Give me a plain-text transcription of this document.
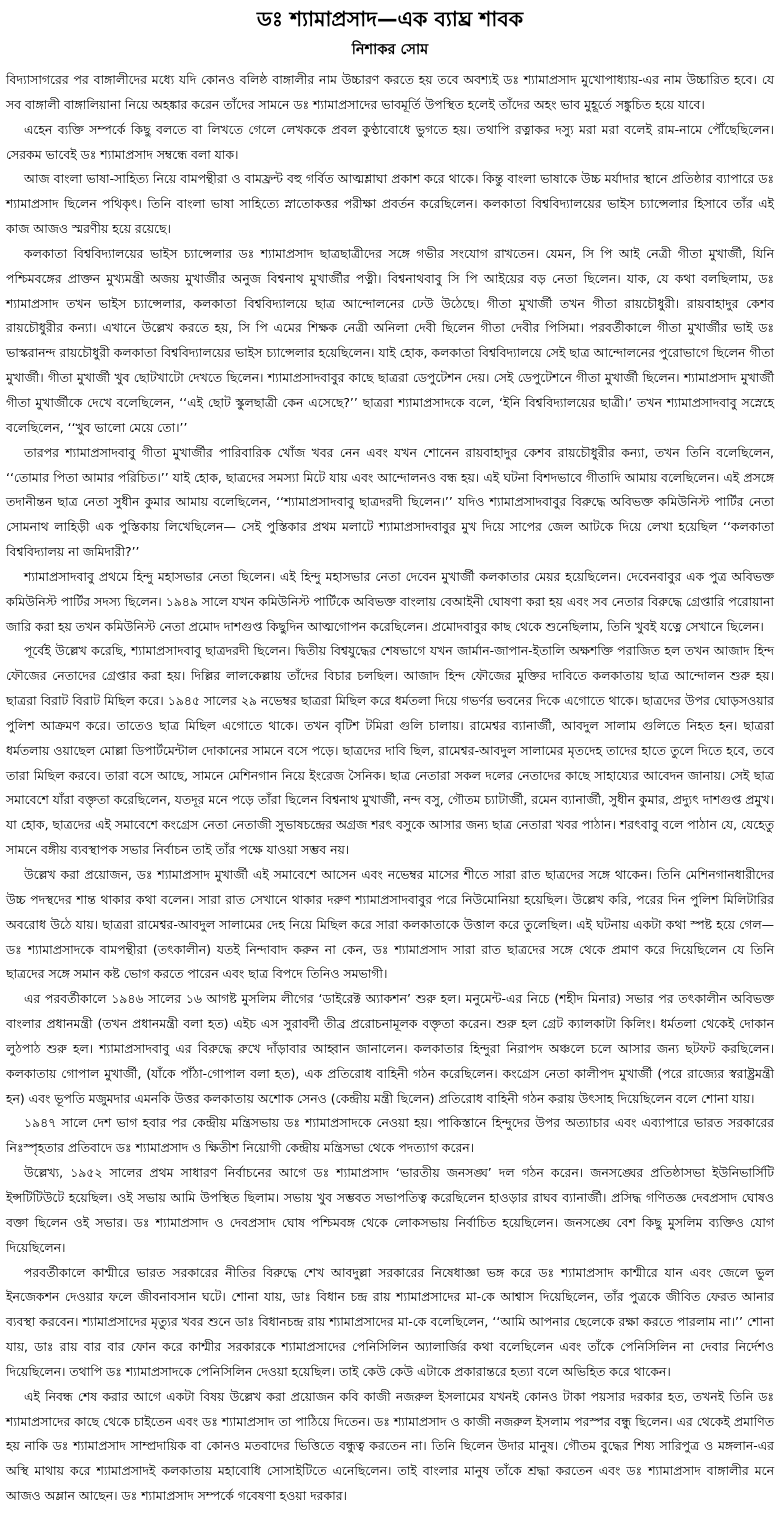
ডঃ শ্যামাপ্রসাদ—এক ব্যাঘ্র শাবক
নিশাকর সোম

বিদ্যাসাগরের পর বাঙ্গালীদের মধ্যে যদি কোনও বলিষ্ঠ বাঙ্গালীর নাম উচ্চারণ করতে হয় তবে অবশ্যই ডঃ শ্যামাপ্রসাদ মুখোপাধ্যায়-এর নাম উচ্চারিত হবে। যে সব বাঙ্গালী বাঙ্গালিয়ানা নিয়ে অহঙ্কার করেন তাঁদের সামনে ডঃ শ্যামাপ্রসাদের ভাবমূর্তি উপস্থিত হলেই তাঁদের অহং ভাব মুহূর্তে সঙ্কুচিত হয়ে যাবে।

এহেন ব্যক্তি সম্পর্কে কিছু বলতে বা লিখতে গেলে লেখককে প্রবল কুণ্ঠাবোধে ভুগতে হয়। তথাপি রত্নাকর দস্যু মরা মরা বলেই রাম-নামে পৌঁছেছিলেন। সেরকম ভাবেই ডঃ শ্যামাপ্রসাদ সম্বন্ধে বলা যাক।

আজ বাংলা ভাষা-সাহিত্য নিয়ে বামপন্থীরা ও বামফ্রন্ট বহু গর্বিত আত্মশ্লাঘা প্রকাশ করে থাকে। কিন্তু বাংলা ভাষাকে উচ্চ মর্যাদার স্থানে প্রতিষ্ঠার ব্যাপারে ডঃ শ্যামাপ্রসাদ ছিলেন পথিকৃৎ। তিনি বাংলা ভাষা সাহিত্যে স্নাতোকত্তর পরীক্ষা প্রবর্তন করেছিলেন। কলকাতা বিশ্ববিদ্যালয়ের ভাইস চ্যান্সেলার হিসাবে তাঁর এই কাজ আজও স্মরণীয় হয়ে রয়েছে।

কলকাতা বিশ্ববিদ্যালয়ের ভাইস চ্যান্সেলার ডঃ শ্যামাপ্রসাদ ছাত্রছাত্রীদের সঙ্গে গভীর সংযোগ রাখতেন। যেমন, সি পি আই নেত্রী গীতা মুখার্জী, যিনি পশ্চিমবঙ্গের প্রাক্তন মুখ্যমন্ত্রী অজয় মুখার্জীর অনুজ বিশ্বনাথ মুখার্জীর পত্নী। বিশ্বনাথবাবু সি পি আইয়ের বড় নেতা ছিলেন। যাক, যে কথা বলছিলাম, ডঃ শ্যামাপ্রসাদ তখন ভাইস চ্যান্সেলার, কলকাতা বিশ্ববিদ্যালয়ে ছাত্র আন্দোলনের ঢেউ উঠেছে। গীতা মুখার্জী তখন গীতা রায়চৌধুরী। রায়বাহাদুর কেশব রায়চৌধুরীর কন্যা। এখানে উল্লেখ করতে হয়, সি পি এমের শিক্ষক নেত্রী অনিলা দেবী ছিলেন গীতা দেবীর পিসিমা। পরবর্তীকালে গীতা মুখার্জীর ভাই ডঃ ভাস্করানন্দ রায়চৌধুরী কলকাতা বিশ্ববিদ্যালয়ের ভাইস চ্যান্সেলার হয়েছিলেন। যাই হোক, কলকাতা বিশ্ববিদ্যালয়ে সেই ছাত্র আন্দোলনের পুরোভাগে ছিলেন গীতা মুখার্জী। গীতা মুখার্জী খুব ছোটখাটো দেখতে ছিলেন। শ্যামাপ্রসাদবাবুর কাছে ছাত্ররা ডেপুটেশন দেয়। সেই ডেপুটেশনে গীতা মুখার্জী ছিলেন। শ্যামাপ্রসাদ মুখার্জী গীতা মুখার্জীকে দেখে বলেছিলেন, ‘‘এই ছোট স্কুলছাত্রী কেন এসেছে?’’ ছাত্ররা শ্যামাপ্রসাদকে বলে, ‘ইনি বিশ্ববিদ্যালয়ের ছাত্রী।’ তখন শ্যামাপ্রসাদবাবু সস্নেহে বলেছিলেন, ‘‘খুব ভালো মেয়ে তো।’’

তারপর শ্যামাপ্রসাদবাবু গীতা মুখার্জীর পারিবারিক খোঁজ খবর নেন এবং যখন শোনেন রায়বাহাদুর কেশব রায়চৌধুরীর কন্যা, তখন তিনি বলেছিলেন, ‘‘তোমার পিতা আমার পরিচিত।’’ যাই হোক, ছাত্রদের সমস্যা মিটে যায় এবং আন্দোলনও বন্ধ হয়। এই ঘটনা বিশদভাবে গীতাদি আমায় বলেছিলেন। এই প্রসঙ্গে তদানীন্তন ছাত্র নেতা সুধীন কুমার আমায় বলেছিলেন, ‘‘শ্যামাপ্রসাদবাবু ছাত্রদরদী ছিলেন।’’ যদিও শ্যামাপ্রসাদবাবুর বিরুদ্ধে অবিভক্ত কমিউনিস্ট পার্টির নেতা সোমনাথ লাহিড়ী এক পুস্তিকায় লিখেছিলেন— সেই পুস্তিকার প্রথম মলাটে শ্যামাপ্রসাদবাবুর মুখ দিয়ে সাপের জেল আটকে দিয়ে লেখা হয়েছিল ‘‘কলকাতা বিশ্ববিদ্যালয় না জমিদারী?’’

শ্যামাপ্রসাদবাবু প্রথমে হিন্দু মহাসভার নেতা ছিলেন। এই হিন্দু মহাসভার নেতা দেবেন মুখার্জী কলকাতার মেয়র হয়েছিলেন। দেবেনবাবুর এক পুত্র অবিভক্ত কমিউনিস্ট পার্টির সদস্য ছিলেন। ১৯৪৯ সালে যখন কমিউনিস্ট পার্টিকে অবিভক্ত বাংলায় বেআইনী ঘোষণা করা হয় এবং সব নেতার বিরুদ্ধে গ্রেপ্তারি পরোয়ানা জারি করা হয় তখন কমিউনিস্ট নেতা প্রমোদ দাশগুপ্ত কিছুদিন আত্মগোপন করেছিলেন। প্রমোদবাবুর কাছ থেকে শুনেছিলাম, তিনি খুবই যত্নে সেখানে ছিলেন।

পূর্বেই উল্লেখ করেছি, শ্যামাপ্রসাদবাবু ছাত্রদরদী ছিলেন। দ্বিতীয় বিশ্বযুদ্ধের শেষভাগে যখন জার্মান-জাপান-ইতালি অক্ষশক্তি পরাজিত হল তখন আজাদ হিন্দ ফৌজের নেতাদের গ্রেপ্তার করা হয়। দিল্লির লালকেল্লায় তাঁদের বিচার চলছিল। আজাদ হিন্দ ফৌজের মুক্তির দাবিতে কলকাতায় ছাত্র আন্দোলন শুরু হয়। ছাত্ররা বিরাট বিরাট মিছিল করে। ১৯৪৫ সালের ২৯ নভেম্বর ছাত্ররা মিছিল করে ধর্মতলা দিয়ে গভর্ণর ভবনের দিকে এগোতে থাকে। ছাত্রদের উপর ঘোড়সওয়ার পুলিশ আক্রমণ করে। তাতেও ছাত্র মিছিল এগোতে থাকে। তখন বৃটিশ টমিরা গুলি চালায়। রামেশ্বর ব্যানার্জী, আবদুল সালাম গুলিতে নিহত হন। ছাত্ররা ধর্মতলায় ওয়াছেল মোল্লা ডিপার্টমেন্টাল দোকানের সামনে বসে পড়ে। ছাত্রদের দাবি ছিল, রামেশ্বর-আবদুল সালামের মৃতদেহ তাদের হাতে তুলে দিতে হবে, তবে তারা মিছিল করবে। তারা বসে আছে, সামনে মেশিনগান নিয়ে ইংরেজ সৈনিক। ছাত্র নেতারা সকল দলের নেতাদের কাছে সাহায্যের আবেদন জানায়। সেই ছাত্র সমাবেশে যাঁরা বক্তৃতা করেছিলেন, যতদূর মনে পড়ে তাঁরা ছিলেন বিশ্বনাথ মুখার্জী, নন্দ বসু, গৌতম চ্যাটার্জী, রমেন ব্যানার্জী, সুধীন কুমার, প্রদ্যুৎ দাশগুপ্ত প্রমুখ। যা হোক, ছাত্রদের এই সমাবেশে কংগ্রেস নেতা নেতাজী সুভাষচন্দ্রের অগ্রজ শরৎ বসুকে আসার জন্য ছাত্র নেতারা খবর পাঠান। শরৎবাবু বলে পাঠান যে, যেহেতু সামনে বঙ্গীয় ব্যবস্থাপক সভার নির্বাচন তাই তাঁর পক্ষে যাওয়া সম্ভব নয়।

উল্লেখ করা প্রয়োজন, ডঃ শ্যামাপ্রসাদ মুখার্জী এই সমাবেশে আসেন এবং নভেম্বর মাসের শীতে সারা রাত ছাত্রদের সঙ্গে থাকেন। তিনি মেশিনগানধারীদের উচ্চ পদস্থদের শান্ত থাকার কথা বলেন। সারা রাত সেখানে থাকার দরুণ শ্যামাপ্রসাদবাবুর পরে নিউমোনিয়া হয়েছিল। উল্লেখ করি, পরের দিন পুলিশ মিলিটারির অবরোধ উঠে যায়। ছাত্ররা রামেশ্বর-আবদুল সালামের দেহ নিয়ে মিছিল করে সারা কলকাতাকে উত্তাল করে তুলেছিল। এই ঘটনায় একটা কথা স্পষ্ট হয়ে গেল— ডঃ শ্যামাপ্রসাদকে বামপন্থীরা (তৎকালীন) যতই নিন্দাবাদ করুন না কেন, ডঃ শ্যামাপ্রসাদ সারা রাত ছাত্রদের সঙ্গে থেকে প্রমাণ করে দিয়েছিলেন যে তিনি ছাত্রদের সঙ্গে সমান কষ্ট ভোগ করতে পারেন এবং ছাত্র বিপদে তিনিও সমভাগী।

এর পরবর্তীকালে ১৯৪৬ সালের ১৬ আগষ্ট মুসলিম লীগের ‘ডাইরেক্ট অ্যাকশন’ শুরু হল। মনুমেন্ট-এর নিচে (শহীদ মিনার) সভার পর তৎকালীন অবিভক্ত বাংলার প্রধানমন্ত্রী (তখন প্রধানমন্ত্রী বলা হত) এইচ এস সুরাবর্দী তীব্র প্ররোচনামূলক বক্তৃতা করেন। শুরু হল গ্রেট ক্যালকাটা কিলিং। ধর্মতলা থেকেই দোকান লুঠপাঠ শুরু হল। শ্যামাপ্রসাদবাবু এর বিরুদ্ধে রুখে দাঁড়াবার আহ্বান জানালেন। কলকাতার হিন্দুরা নিরাপদ অঞ্চলে চলে আসার জন্য ছটফট করছিলেন। কলকাতায় গোপাল মুখার্জী, (যাঁকে পাঁঠা-গোপাল বলা হত), এক প্রতিরোধ বাহিনী গঠন করেছিলেন। কংগ্রেস নেতা কালীপদ মুখার্জী (পরে রাজ্যের স্বরাষ্ট্রমন্ত্রী হন) এবং ভূপতি মজুমদার এমনকি উত্তর কলকাতায় অশোক সেনও (কেন্দ্রীয় মন্ত্রী ছিলেন) প্রতিরোধ বাহিনী গঠন করায় উৎসাহ দিয়েছিলেন বলে শোনা যায়।

১৯৪৭ সালে দেশ ভাগ হবার পর কেন্দ্রীয় মন্ত্রিসভায় ডঃ শ্যামাপ্রসাদকে নেওয়া হয়। পাকিস্তানে হিন্দুদের উপর অত্যাচার এবং এব্যাপারে ভারত সরকারের নিঃস্পৃহতার প্রতিবাদে ডঃ শ্যামাপ্রসাদ ও ক্ষিতীশ নিয়োগী কেন্দ্রীয় মন্ত্রিসভা থেকে পদত্যাগ করেন।

উল্লেখ্য, ১৯৫২ সালের প্রথম সাধারণ নির্বাচনের আগে ডঃ শ্যামাপ্রসাদ ‘ভারতীয় জনসঙ্ঘ’ দল গঠন করেন। জনসঙ্ঘের প্রতিষ্ঠাসভা ইউনিভার্সিটি ইন্সটিটিউটে হয়েছিল। ওই সভায় আমি উপস্থিত ছিলাম। সভায় খুব সম্ভবত সভাপতিত্ব করেছিলেন হাওড়ার রাঘব ব্যানার্জী। প্রসিদ্ধ গণিতজ্ঞ দেবপ্রসাদ ঘোষও বক্তা ছিলেন ওই সভার। ডঃ শ্যামাপ্রসাদ ও দেবপ্রসাদ ঘোষ পশ্চিমবঙ্গ থেকে লোকসভায় নির্বাচিত হয়েছিলেন। জনসঙ্ঘে বেশ কিছু মুসলিম ব্যক্তিও যোগ দিয়েছিলেন।

পরবর্তীকালে কাশ্মীরে ভারত সরকারের নীতির বিরুদ্ধে শেখ আবদুল্লা সরকারের নিষেধাজ্ঞা ভঙ্গ করে ডঃ শ্যামাপ্রসাদ কাশ্মীরে যান এবং জেলে ভুল ইনজেকশন দেওয়ার ফলে জীবনাবসান ঘটে। শোনা যায়, ডাঃ বিধান চন্দ্র রায় শ্যামাপ্রসাদের মা-কে আশ্বাস দিয়েছিলেন, তাঁর পুত্রকে জীবিত ফেরত আনার ব্যবস্থা করবেন। শ্যামাপ্রসাদের মৃত্যুর খবর শুনে ডাঃ বিধানচন্দ্র রায় শ্যামাপ্রসাদের মা-কে বলেছিলেন, ‘‘আমি আপনার ছেলেকে রক্ষা করতে পারলাম না।’’ শোনা যায়, ডাঃ রায় বার বার ফোন করে কাশ্মীর সরকারকে শ্যামাপ্রসাদের পেনিসিলিন অ্যালার্জির কথা বলেছিলেন এবং তাঁকে পেনিসিলিন না দেবার নির্দেশও দিয়েছিলেন। তথাপি ডঃ শ্যামাপ্রসাদকে পেনিসিলিন দেওয়া হয়েছিল। তাই কেউ কেউ এটাকে প্রকারান্তরে হত্যা বলে অভিহিত করে থাকেন।

এই নিবন্ধ শেষ করার আগে একটা বিষয় উল্লেখ করা প্রয়োজন কবি কাজী নজরুল ইসলামের যখনই কোনও টাকা পয়সার দরকার হত, তখনই তিনি ডঃ শ্যামাপ্রসাদের কাছে থেকে চাইতেন এবং ডঃ শ্যামাপ্রসাদ তা পাঠিয়ে দিতেন। ডঃ শ্যামাপ্রসাদ ও কাজী নজরুল ইসলাম পরস্পর বন্ধু ছিলেন। এর থেকেই প্রমাণিত হয় নাকি ডঃ শ্যামাপ্রসাদ সাম্প্রদায়িক বা কোনও মতবাদের ভিত্তিতে বন্ধুত্ব করতেন না। তিনি ছিলেন উদার মানুষ। গৌতম বুদ্ধের শিষ্য সারিপুত্র ও মঙ্গলান-এর অস্থি মাথায় করে শ্যামাপ্রসাদই কলকাতায় মহাবোধি সোসাইটিতে এনেছিলেন। তাই বাংলার মানুষ তাঁকে শ্রদ্ধা করতেন এবং ডঃ শ্যামাপ্রসাদ বাঙ্গালীর মনে আজও অম্লান আছেন। ডঃ শ্যামাপ্রসাদ সম্পর্কে গবেষণা হওয়া দরকার।
